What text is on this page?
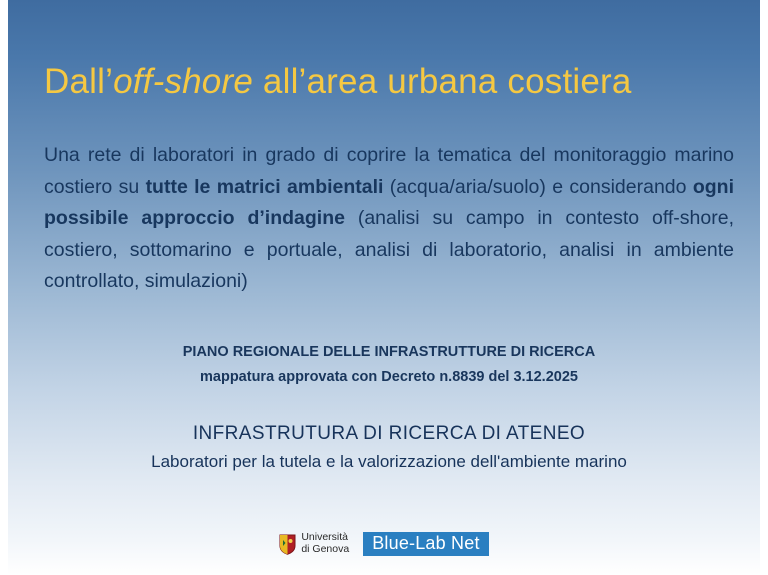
Dall’off-shore all’area urbana costiera
Una rete di laboratori in grado di coprire la tematica del monitoraggio marino costiero su tutte le matrici ambientali (acqua/aria/suolo) e considerando ogni possibile approccio d’indagine (analisi su campo in contesto off-shore, costiero, sottomarino e portuale, analisi di laboratorio, analisi in ambiente controllato, simulazioni)
PIANO REGIONALE DELLE INFRASTRUTTURE DI RICERCA
mappatura approvata con Decreto n.8839 del 3.12.2025
INFRASTRUTURA DI RICERCA DI ATENEO
Laboratori per la tutela e la valorizzazione dell'ambiente marino
Università
di Genova	Blue-Lab Net
